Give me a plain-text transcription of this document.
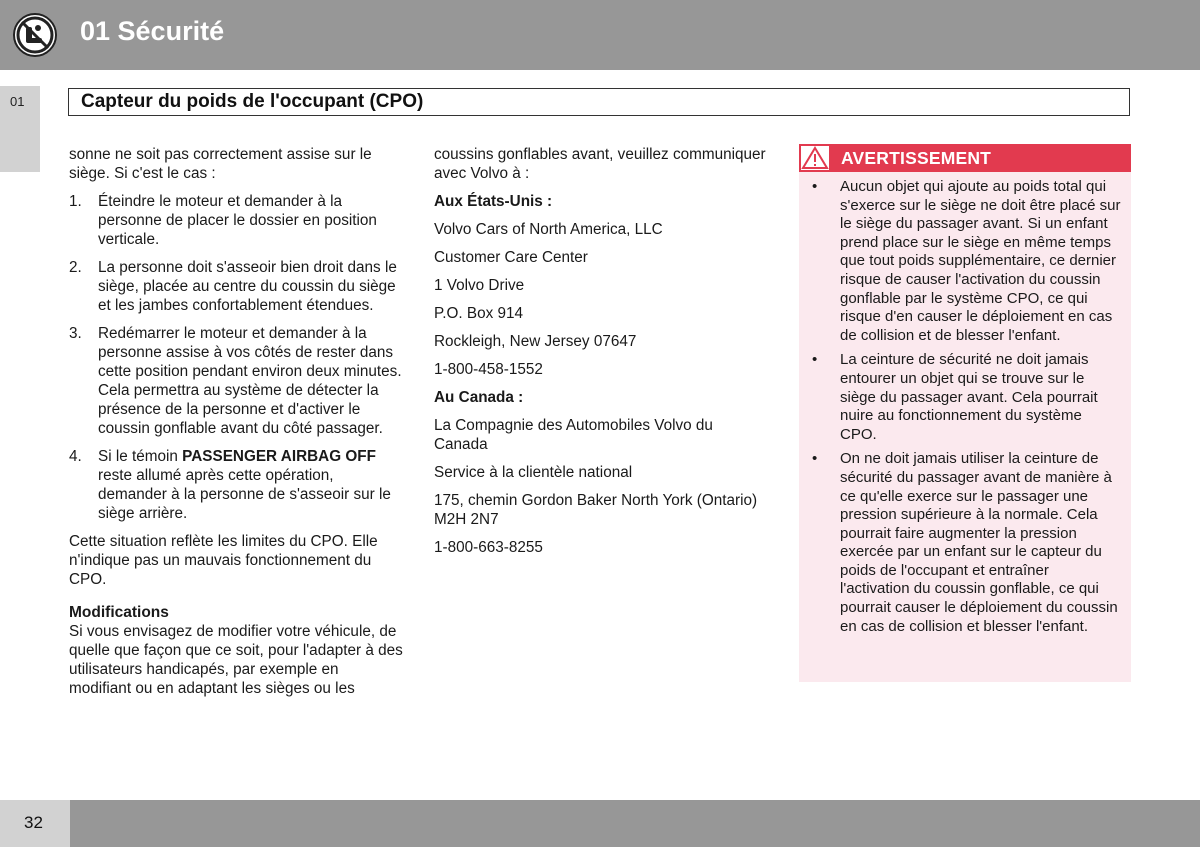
01 Sécurité
01	Capteur du poids de l'occupant (CPO)

sonne ne soit pas correctement assise sur le siège. Si c'est le cas :

1. Éteindre le moteur et demander à la personne de placer le dossier en position verticale.
2. La personne doit s'asseoir bien droit dans le siège, placée au centre du coussin du siège et les jambes confortablement étendues.
3. Redémarrer le moteur et demander à la personne assise à vos côtés de rester dans cette position pendant environ deux minutes. Cela permettra au système de détecter la présence de la personne et d'activer le coussin gonflable avant du côté passager.
4. Si le témoin PASSENGER AIRBAG OFF reste allumé après cette opération, demander à la personne de s'asseoir sur le siège arrière.

Cette situation reflète les limites du CPO. Elle n'indique pas un mauvais fonctionnement du CPO.

Modifications

Si vous envisagez de modifier votre véhicule, de quelle que façon que ce soit, pour l'adapter à des utilisateurs handicapés, par exemple en modifiant ou en adaptant les sièges ou les

coussins gonflables avant, veuillez communiquer avec Volvo à :

Aux États-Unis :

Volvo Cars of North America, LLC

Customer Care Center

1 Volvo Drive

P.O. Box 914

Rockleigh, New Jersey 07647

1-800-458-1552

Au Canada :

La Compagnie des Automobiles Volvo du Canada

Service à la clientèle national

175, chemin Gordon Baker North York (Ontario) M2H 2N7

1-800-663-8255

AVERTISSEMENT
• Aucun objet qui ajoute au poids total qui s'exerce sur le siège ne doit être placé sur le siège du passager avant. Si un enfant prend place sur le siège en même temps que tout poids supplémentaire, ce dernier risque de causer l'activation du coussin gonflable par le système CPO, ce qui risque d'en causer le déploiement en cas de collision et de blesser l'enfant.
• La ceinture de sécurité ne doit jamais entourer un objet qui se trouve sur le siège du passager avant. Cela pourrait nuire au fonctionnement du système CPO.
• On ne doit jamais utiliser la ceinture de sécurité du passager avant de manière à ce qu'elle exerce sur le passager une pression supérieure à la normale. Cela pourrait faire augmenter la pression exercée par un enfant sur le capteur du poids de l'occupant et entraîner l'activation du coussin gonflable, ce qui pourrait causer le déploiement du coussin en cas de collision et blesser l'enfant.
32
